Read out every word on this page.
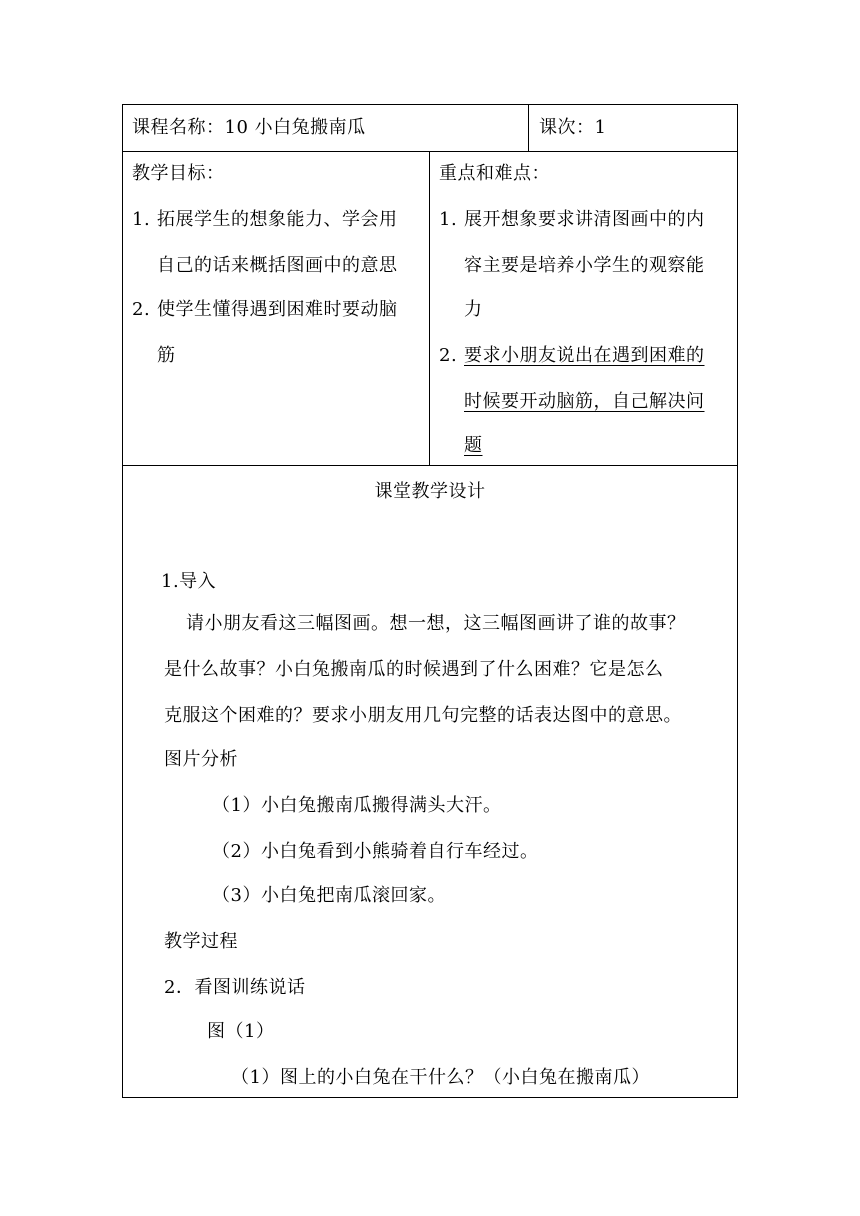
课程名称：10 小白兔搬南瓜	课次：1
教学目标：
1. 拓展学生的想象能力、学会用
自己的话来概括图画中的意思
2. 使学生懂得遇到困难时要动脑
筋
重点和难点：
1. 展开想象要求讲清图画中的内
容主要是培养小学生的观察能
力
2. 要求小朋友说出在遇到困难的
时候要开动脑筋，自己解决问
题
课堂教学设计
1.导入
请小朋友看这三幅图画。想一想，这三幅图画讲了谁的故事？
是什么故事？小白兔搬南瓜的时候遇到了什么困难？它是怎么
克服这个困难的？要求小朋友用几句完整的话表达图中的意思。
图片分析
（1）小白兔搬南瓜搬得满头大汗。
（2）小白兔看到小熊骑着自行车经过。
（3）小白兔把南瓜滚回家。
教学过程
2．看图训练说话
图（1）
（1）图上的小白兔在干什么？（小白兔在搬南瓜）
